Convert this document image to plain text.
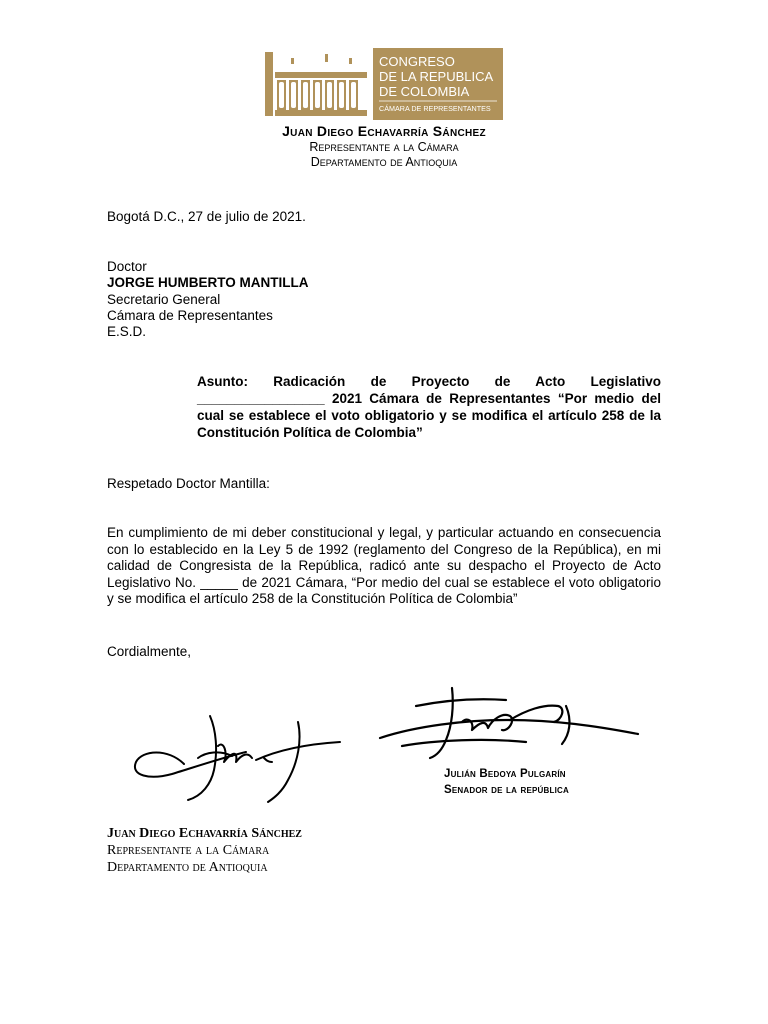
CONGRESO
DE LA REPUBLICA
DE COLOMBIA
CÁMARA DE REPRESENTANTES
Juan Diego Echavarría Sánchez
Representante a la Cámara
Departamento de Antioquia
Bogotá D.C., 27 de julio de 2021.
Doctor
JORGE HUMBERTO MANTILLA
Secretario General
Cámara de Representantes
E.S.D.
Asunto: Radicación de Proyecto de Acto Legislativo _________________ 2021 Cámara de Representantes “Por medio del cual se establece el voto obligatorio y se modifica el artículo 258 de la Constitución Política de Colombia”
Respetado Doctor Mantilla:
En cumplimiento de mi deber constitucional y legal, y particular actuando en consecuencia con lo establecido en la Ley 5 de 1992 (reglamento del Congreso de la República), en mi calidad de Congresista de la República, radicó ante su despacho el Proyecto de Acto Legislativo No. _____ de 2021 Cámara, “Por medio del cual se establece el voto obligatorio y se modifica el artículo 258 de la Constitución Política de Colombia”
Cordialmente,
Julián Bedoya Pulgarín
Senador de la república
Juan Diego Echavarría Sánchez
Representante a la Cámara
Departamento de Antioquia
